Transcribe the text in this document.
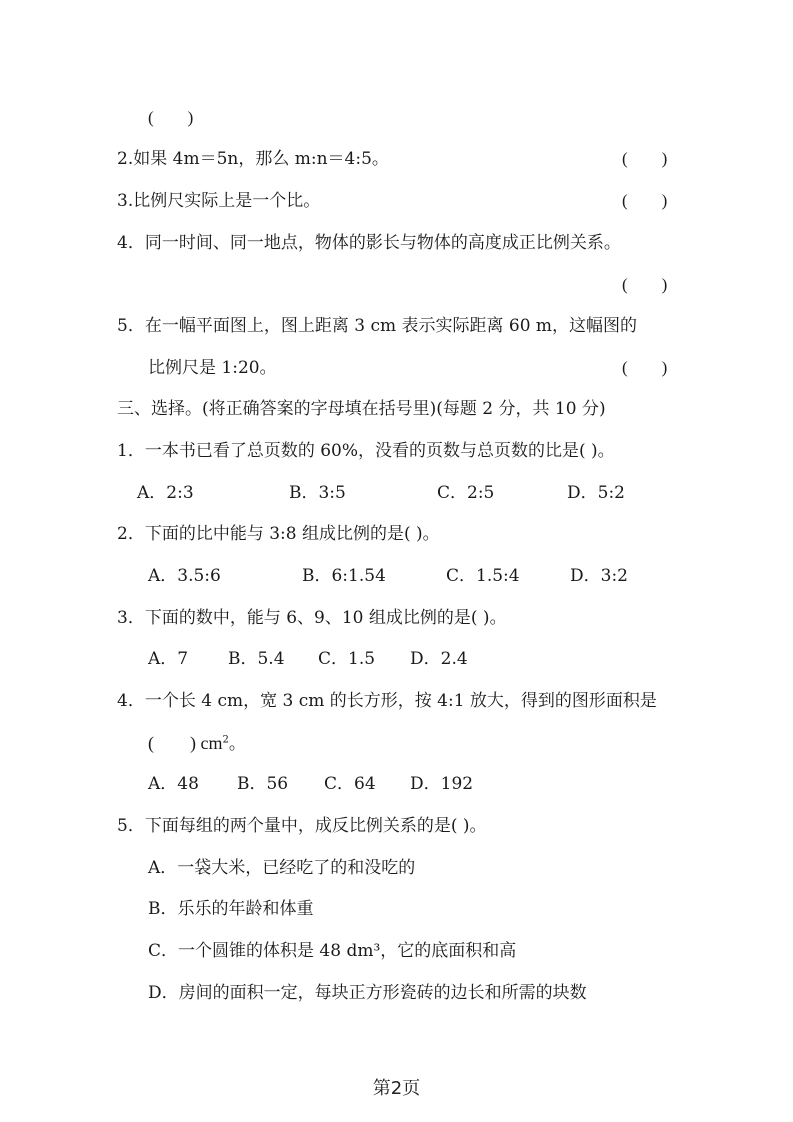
(        )
2.如果 4m＝5n，那么 m:n＝4:5。	(        )
3.比例尺实际上是一个比。	(        )
4．同一时间、同一地点，物体的影长与物体的高度成正比例关系。
(        )
5．在一幅平面图上，图上距离 3 cm 表示实际距离 60 m，这幅图的
比例尺是 1:20。	(        )
三、选择。(将正确答案的字母填在括号里)(每题 2 分，共 10 分)
1．一本书已看了总页数的 60%，没看的页数与总页数的比是( )。
A．2:3	B．3:5	C．2:5	D．5:2
2．下面的比中能与 3:8 组成比例的是( )。
A．3.5:6	B．6:1.54	C．1.5:4	D．3:2
3．下面的数中，能与 6、9、10 组成比例的是( )。
A．7 B．5.4 C．1.5 D．2.4
4．一个长 4 cm，宽 3 cm 的长方形，按 4:1 放大，得到的图形面积是
(        ) $cm^2$。
A．48 B．56 C．64 D．192
5．下面每组的两个量中，成反比例关系的是( )。
A．一袋大米，已经吃了的和没吃的
B．乐乐的年龄和体重
C．一个圆锥的体积是 48 dm³，它的底面积和高
D．房间的面积一定，每块正方形瓷砖的边长和所需的块数
第2页
